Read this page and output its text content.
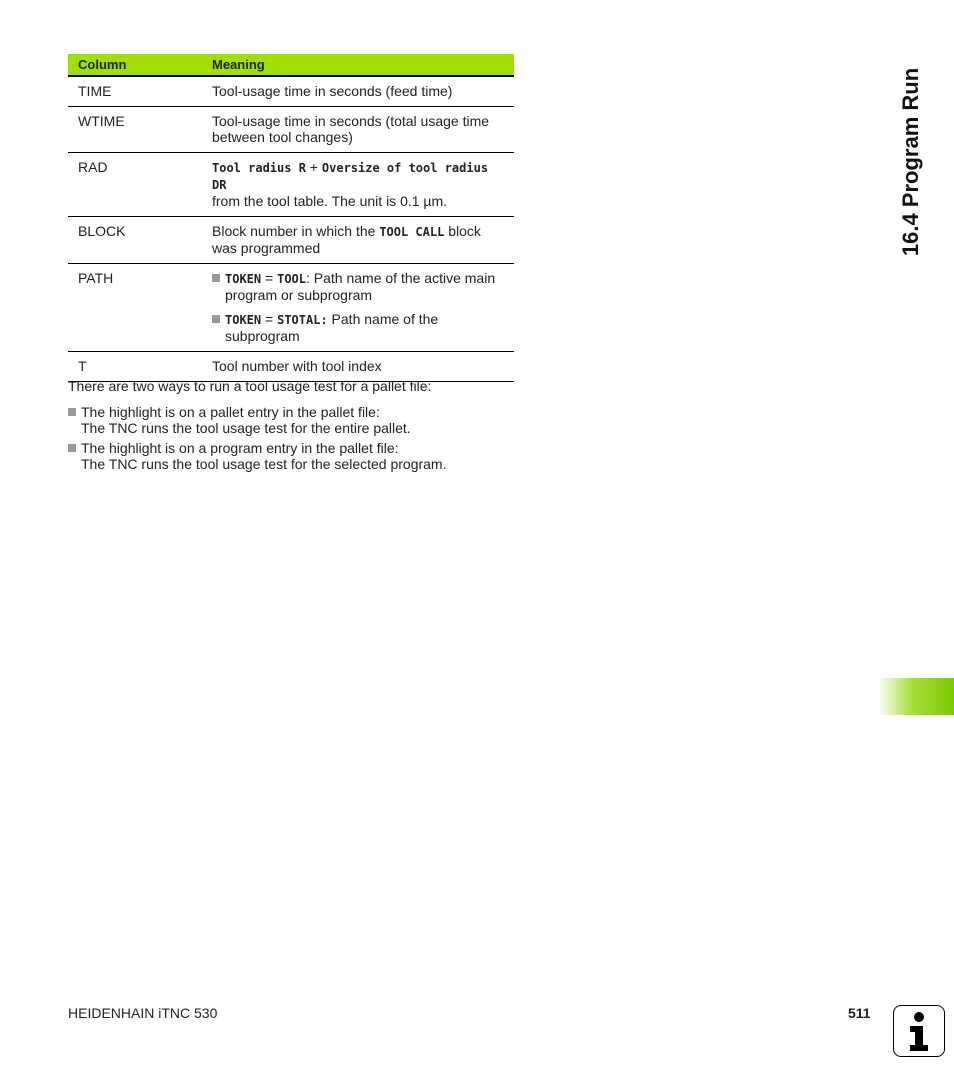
Column	Meaning
TIME	Tool-usage time in seconds (feed time)
WTIME	Tool-usage time in seconds (total usage time between tool changes)
RAD	Tool radius R + Oversize of tool radius DR
from the tool table. The unit is 0.1 µm.
BLOCK	Block number in which the TOOL CALL block was programmed
PATH	TOKEN = TOOL: Path name of the active main program or subprogram
TOKEN = STOTAL: Path name of the subprogram

T	Tool number with tool index
There are two ways to run a tool usage test for a pallet file:
The highlight is on a pallet entry in the pallet file:
The TNC runs the tool usage test for the entire pallet.
The highlight is on a program entry in the pallet file:
The TNC runs the tool usage test for the selected program.
16.4 Program Run
HEIDENHAIN iTNC 530	511
